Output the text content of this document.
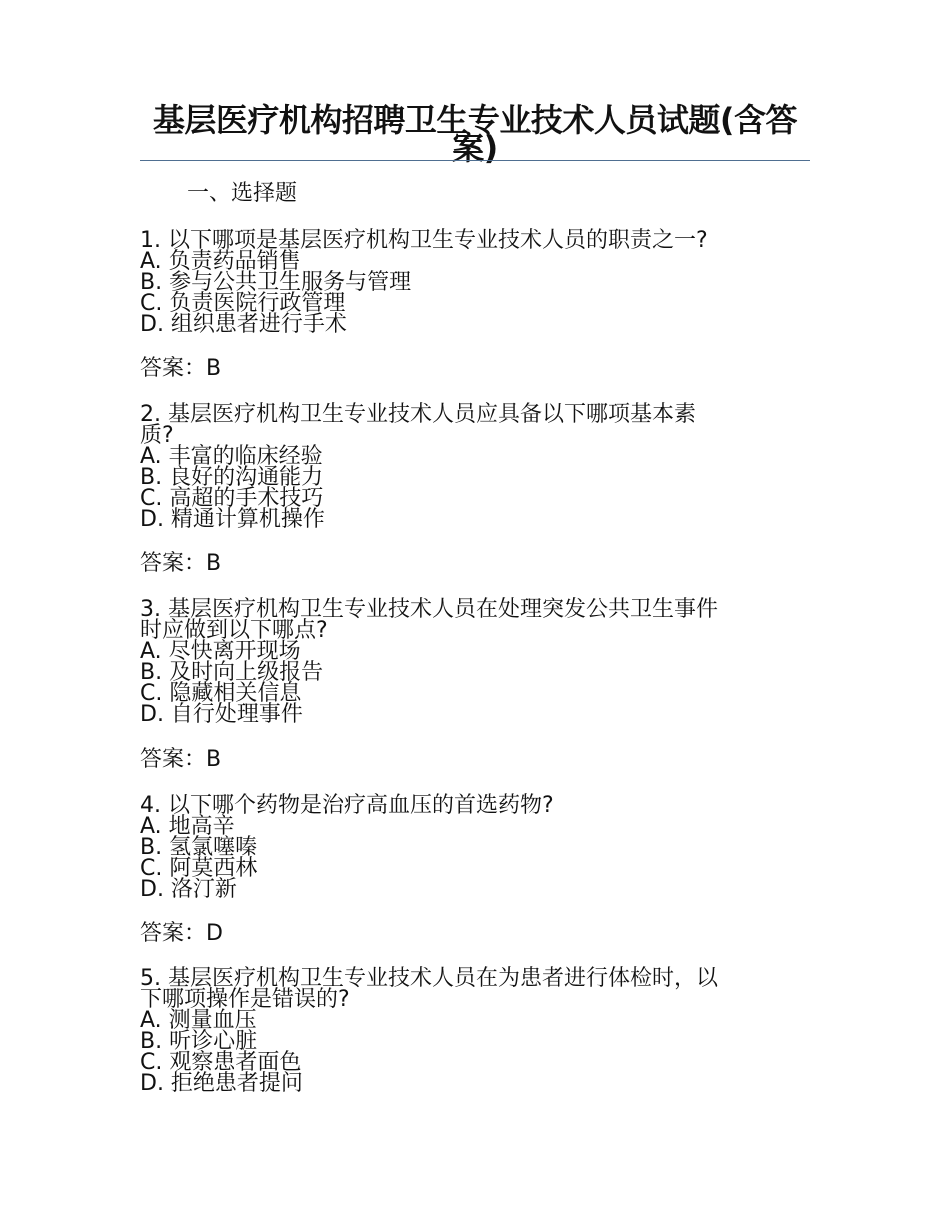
基层医疗机构招聘卫生专业技术人员试题(含答案)
一、选择题
1. 以下哪项是基层医疗机构卫生专业技术人员的职责之一?
A. 负责药品销售
B. 参与公共卫生服务与管理
C. 负责医院行政管理
D. 组织患者进行手术
答案：B
2. 基层医疗机构卫生专业技术人员应具备以下哪项基本素
质?
A. 丰富的临床经验
B. 良好的沟通能力
C. 高超的手术技巧
D. 精通计算机操作
答案：B
3. 基层医疗机构卫生专业技术人员在处理突发公共卫生事件
时应做到以下哪点?
A. 尽快离开现场
B. 及时向上级报告
C. 隐藏相关信息
D. 自行处理事件
答案：B
4. 以下哪个药物是治疗高血压的首选药物?
A. 地高辛
B. 氢氯噻嗪
C. 阿莫西林
D. 洛汀新
答案：D
5. 基层医疗机构卫生专业技术人员在为患者进行体检时，以
下哪项操作是错误的?
A. 测量血压
B. 听诊心脏
C. 观察患者面色
D. 拒绝患者提问
